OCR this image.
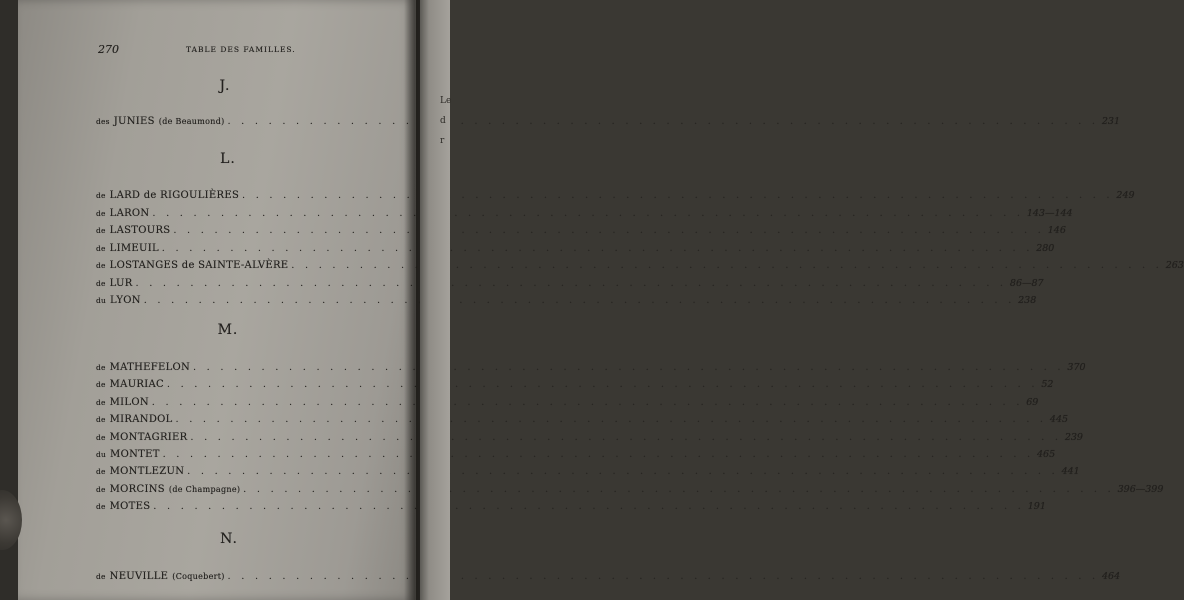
270	TABLE DES FAMILLES.
J.
des JUNIES (de Beaumond) . . .	231
L.
de LARD de RIGOULIÈRES . . .	249
de LARON . . .	143—144
de LASTOURS . . .	146
de LIMEUIL . . .	280
de LOSTANGES de SAINTE-ALVÈRE . . .	263
de LUR . . .	86—87
du LYON . . .	238
M.
de MATHEFELON . . .	370
de MAURIAC . . .	52
de MILON . . .	69
de MIRANDOL . . .	445
de MONTAGRIER . . .	239
du MONTET . . .	465
de MONTLEZUN . . .	441
de MORCINS (de Champagne) . . .	396—399
de MOTES . . .	191
N.
de NEUVILLE (Coquebert) . . .	464
Le
d
r
